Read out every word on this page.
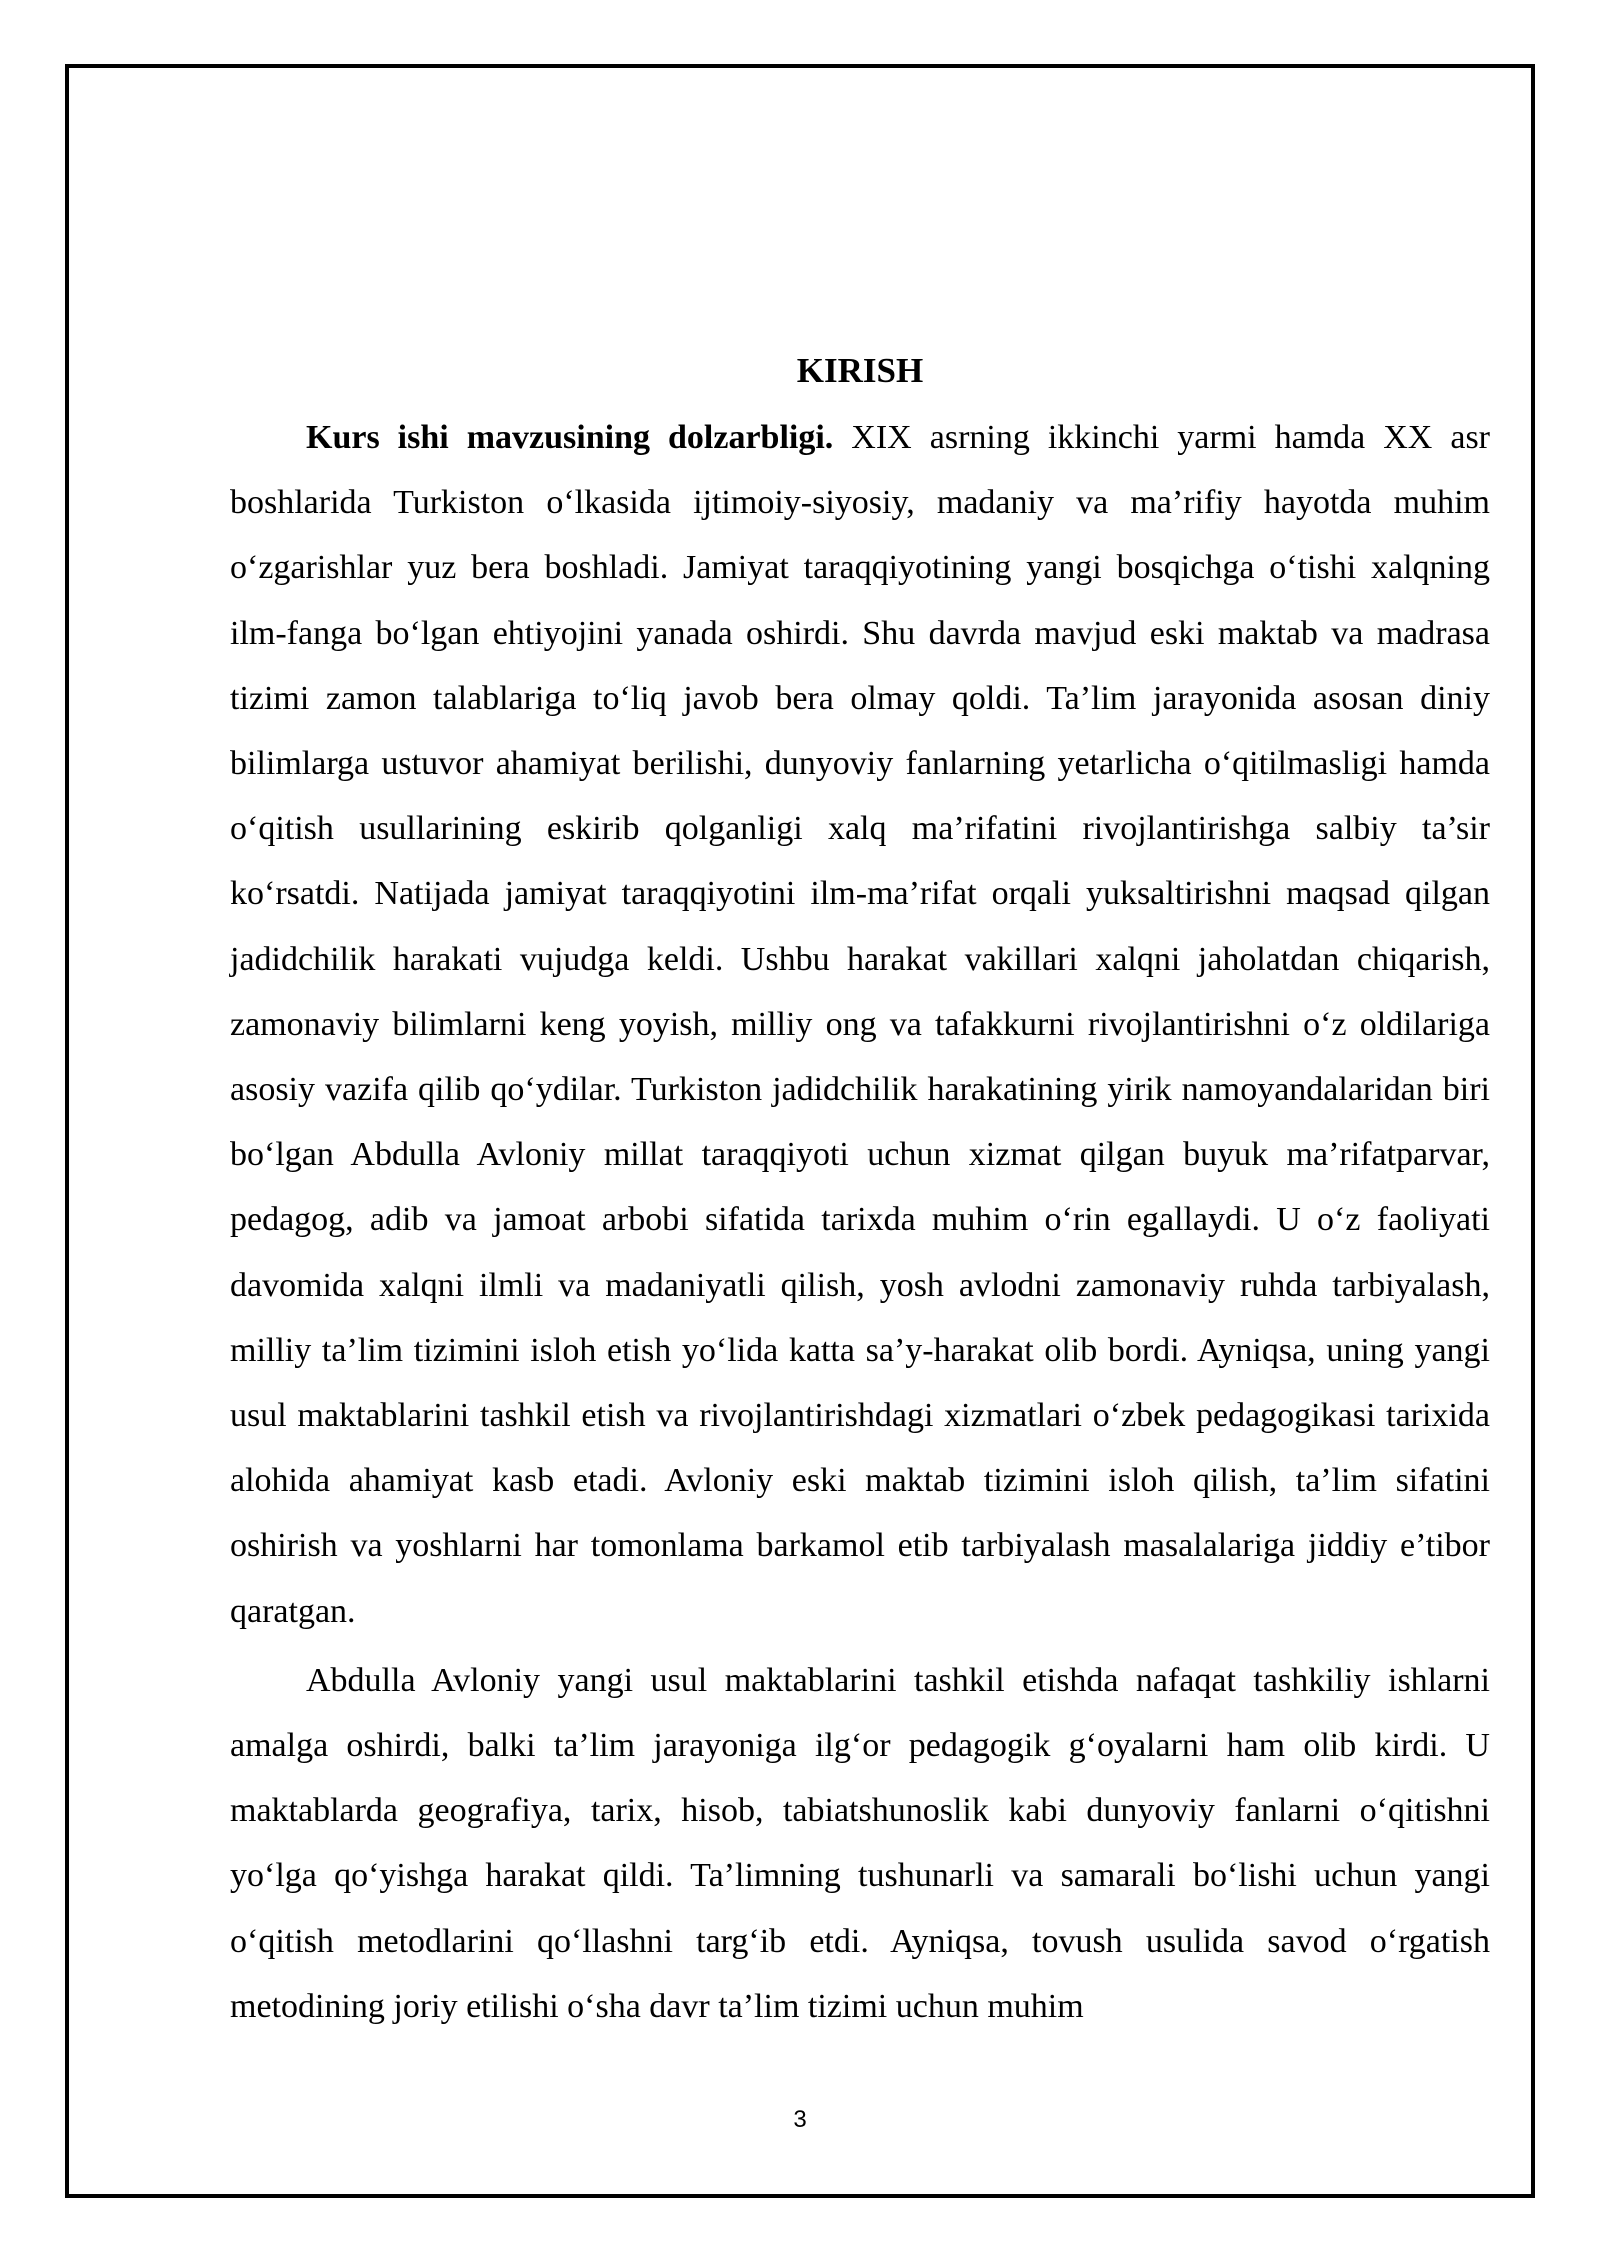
KIRISH

Kurs ishi mavzusining dolzarbligi. XIX asrning ikkinchi yarmi hamda XX asr boshlarida Turkiston o‘lkasida ijtimoiy-siyosiy, madaniy va ma’rifiy hayotda muhim o‘zgarishlar yuz bera boshladi. Jamiyat taraqqiyotining yangi bosqichga o‘tishi xalqning ilm-fanga bo‘lgan ehtiyojini yanada oshirdi. Shu davrda mavjud eski maktab va madrasa tizimi zamon talablariga to‘liq javob bera olmay qoldi. Ta’lim jarayonida asosan diniy bilimlarga ustuvor ahamiyat berilishi, dunyoviy fanlarning yetarlicha o‘qitilmasligi hamda o‘qitish usullarining eskirib qolganligi xalq ma’rifatini rivojlantirishga salbiy ta’sir ko‘rsatdi. Natijada jamiyat taraqqiyotini ilm-ma’rifat orqali yuksaltirishni maqsad qilgan jadidchilik harakati vujudga keldi. Ushbu harakat vakillari xalqni jaholatdan chiqarish, zamonaviy bilimlarni keng yoyish, milliy ong va tafakkurni rivojlantirishni o‘z oldilariga asosiy vazifa qilib qo‘ydilar. Turkiston jadidchilik harakatining yirik namoyandalaridan biri bo‘lgan Abdulla Avloniy millat taraqqiyoti uchun xizmat qilgan buyuk ma’rifatparvar, pedagog, adib va jamoat arbobi sifatida tarixda muhim o‘rin egallaydi. U o‘z faoliyati davomida xalqni ilmli va madaniyatli qilish, yosh avlodni zamonaviy ruhda tarbiyalash, milliy ta’lim tizimini isloh etish yo‘lida katta sa’y-harakat olib bordi. Ayniqsa, uning yangi usul maktablarini tashkil etish va rivojlantirishdagi xizmatlari o‘zbek pedagogikasi tarixida alohida ahamiyat kasb etadi. Avloniy eski maktab tizimini isloh qilish, ta’lim sifatini oshirish va yoshlarni har tomonlama barkamol etib tarbiyalash masalalariga jiddiy e’tibor qaratgan.

Abdulla Avloniy yangi usul maktablarini tashkil etishda nafaqat tashkiliy ishlarni amalga oshirdi, balki ta’lim jarayoniga ilg‘or pedagogik g‘oyalarni ham olib kirdi. U maktablarda geografiya, tarix, hisob, tabiatshunoslik kabi dunyoviy fanlarni o‘qitishni yo‘lga qo‘yishga harakat qildi. Ta’limning tushunarli va samarali bo‘lishi uchun yangi o‘qitish metodlarini qo‘llashni targ‘ib etdi. Ayniqsa, tovush usulida savod o‘rgatish metodining joriy etilishi o‘sha davr ta’lim tizimi uchun muhim

3
